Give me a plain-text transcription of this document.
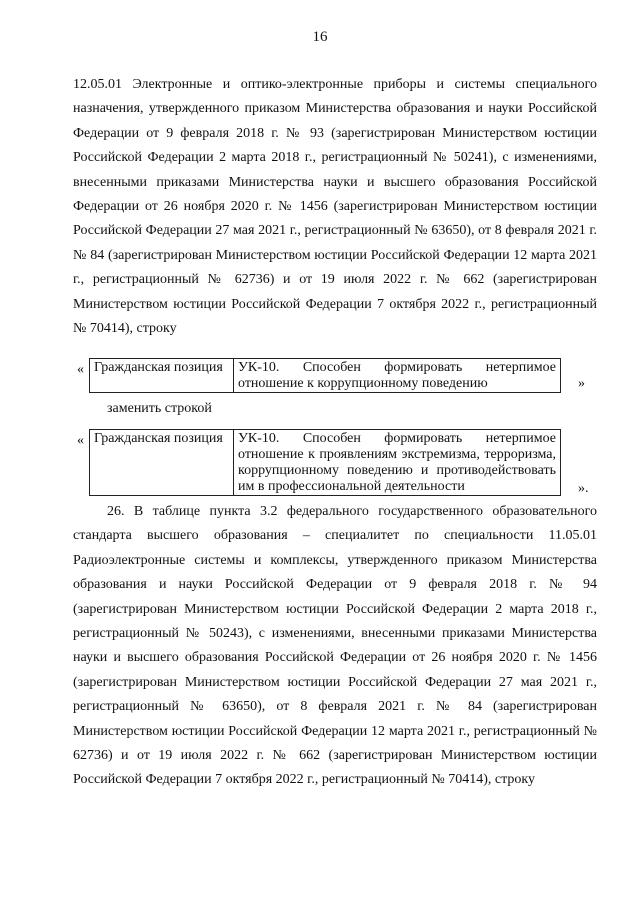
16
12.05.01 Электронные и оптико-электронные приборы и системы специального назначения, утвержденного приказом Министерства образования и науки Российской Федерации от 9 февраля 2018 г. № 93 (зарегистрирован Министерством юстиции Российской Федерации 2 марта 2018 г., регистрационный № 50241), с изменениями, внесенными приказами Министерства науки и высшего образования Российской Федерации от 26 ноября 2020 г. № 1456 (зарегистрирован Министерством юстиции Российской Федерации 27 мая 2021 г., регистрационный № 63650), от 8 февраля 2021 г. № 84 (зарегистрирован Министерством юстиции Российской Федерации 12 марта 2021 г., регистрационный № 62736) и от 19 июля 2022 г. № 662 (зарегистрирован Министерством юстиции Российской Федерации 7 октября 2022 г., регистрационный № 70414), строку
« Гражданская позиция	УК-10. Способен формировать нетерпимое
отношение к коррупционному поведению	»
заменить строкой
« Гражданская позиция	УК-10. Способен формировать нетерпимое
отношение к проявлениям экстремизма, терроризма,
коррупционному поведению и противодействовать
им в профессиональной деятельности	».
26. В таблице пункта 3.2 федерального государственного образовательного стандарта высшего образования – специалитет по специальности 11.05.01 Радиоэлектронные системы и комплексы, утвержденного приказом Министерства образования и науки Российской Федерации от 9 февраля 2018 г. № 94 (зарегистрирован Министерством юстиции Российской Федерации 2 марта 2018 г., регистрационный № 50243), с изменениями, внесенными приказами Министерства науки и высшего образования Российской Федерации от 26 ноября 2020 г. № 1456 (зарегистрирован Министерством юстиции Российской Федерации 27 мая 2021 г., регистрационный № 63650), от 8 февраля 2021 г. № 84 (зарегистрирован Министерством юстиции Российской Федерации 12 марта 2021 г., регистрационный № 62736) и от 19 июля 2022 г. № 662 (зарегистрирован Министерством юстиции Российской Федерации 7 октября 2022 г., регистрационный № 70414), строку
